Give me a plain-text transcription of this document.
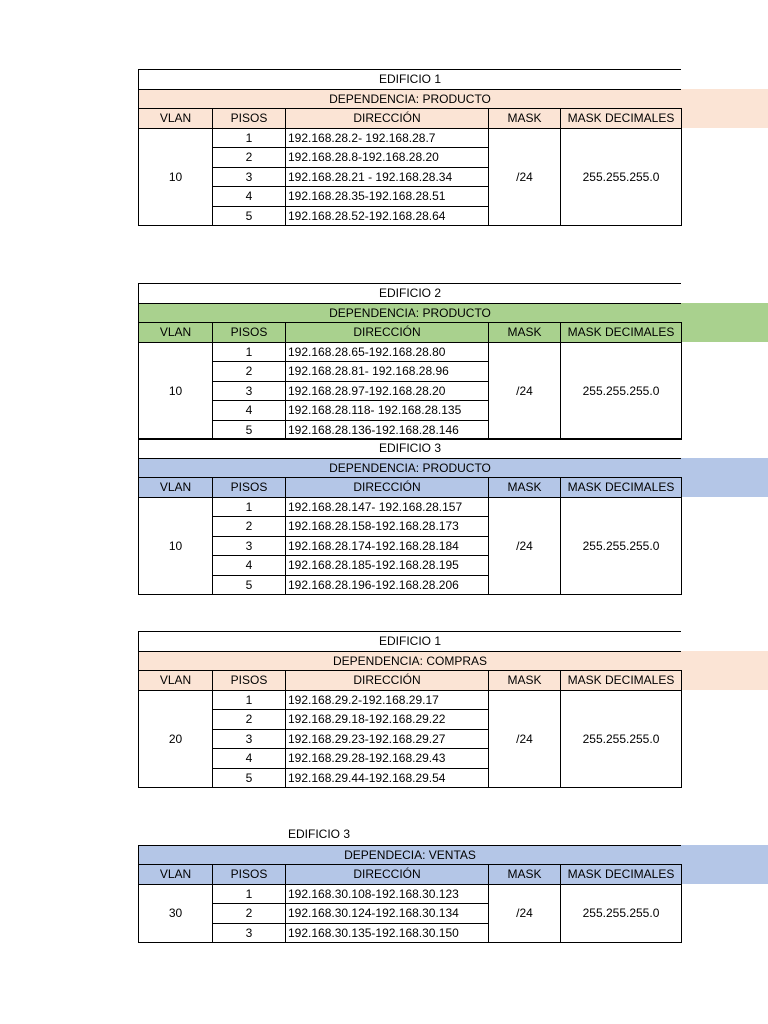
EDIFICIO 1
DEPENDENCIA: PRODUCTO
VLAN	PISOS	DIRECCIÓN	MASK	MASK DECIMALES
10	1	192.168.28.2- 192.168.28.7	/24	255.255.255.0
	2	192.168.28.8-192.168.28.20		
	3	192.168.28.21 - 192.168.28.34		
	4	192.168.28.35-192.168.28.51		
	5	192.168.28.52-192.168.28.64		
EDIFICIO 2
DEPENDENCIA: PRODUCTO
VLAN	PISOS	DIRECCIÓN	MASK	MASK DECIMALES
10	1	192.168.28.65-192.168.28.80	/24	255.255.255.0
	2	192.168.28.81- 192.168.28.96		
	3	192.168.28.97-192.168.28.20		
	4	192.168.28.118- 192.168.28.135		
	5	192.168.28.136-192.168.28.146		
EDIFICIO 3
DEPENDENCIA: PRODUCTO
VLAN	PISOS	DIRECCIÓN	MASK	MASK DECIMALES
10	1	192.168.28.147- 192.168.28.157	/24	255.255.255.0
	2	192.168.28.158-192.168.28.173		
	3	192.168.28.174-192.168.28.184		
	4	192.168.28.185-192.168.28.195		
	5	192.168.28.196-192.168.28.206		
EDIFICIO 1
DEPENDENCIA: COMPRAS
VLAN	PISOS	DIRECCIÓN	MASK	MASK DECIMALES
20	1	192.168.29.2-192.168.29.17	/24	255.255.255.0
	2	192.168.29.18-192.168.29.22		
	3	192.168.29.23-192.168.29.27		
	4	192.168.29.28-192.168.29.43		
	5	192.168.29.44-192.168.29.54		
EDIFICIO 3
DEPENDECIA: VENTAS
VLAN	PISOS	DIRECCIÓN	MASK	MASK DECIMALES
30	1	192.168.30.108-192.168.30.123	/24	255.255.255.0
	2	192.168.30.124-192.168.30.134		
	3	192.168.30.135-192.168.30.150		
